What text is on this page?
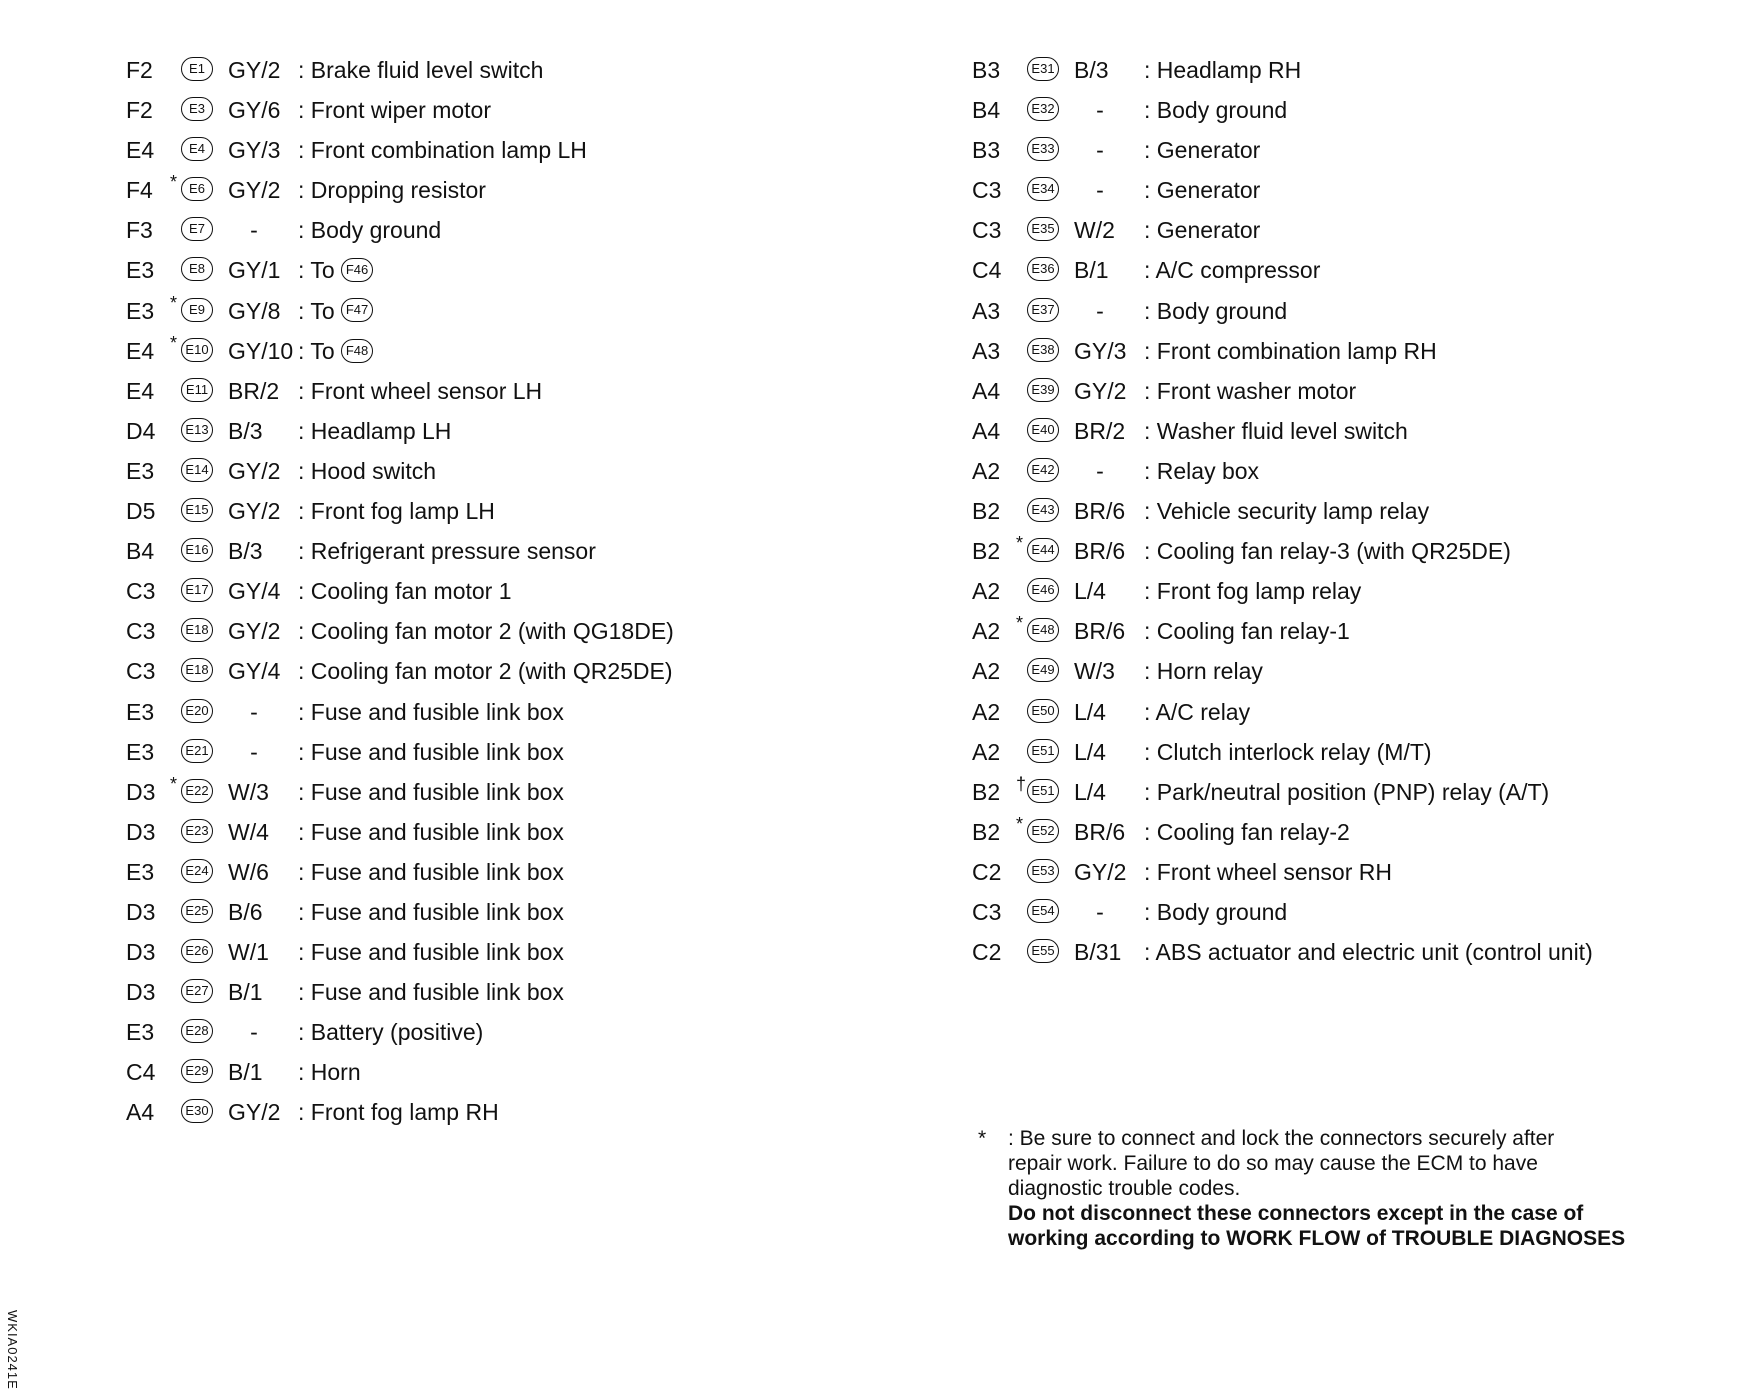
F2	E1	GY/2 : Brake fluid level switch
F2	E3	GY/6 : Front wiper motor
E4	E4	GY/3 : Front combination lamp LH
F4 * E6	GY/2 : Dropping resistor
F3	E7	-	: Body ground
E3	E8	GY/1 : To F46
E3 * E9	GY/8 : To F47
E4 * E10 GY/10 : To F48
E4	E11 BR/2 : Front wheel sensor LH
D4	E13 B/3 : Headlamp LH
E3	E14 GY/2 : Hood switch
D5	E15 GY/2 : Front fog lamp LH
B4	E16 B/3 : Refrigerant pressure sensor
C3	E17 GY/4 : Cooling fan motor 1
C3	E18 GY/2 : Cooling fan motor 2 (with QG18DE)
C3	E18 GY/4 : Cooling fan motor 2 (with QR25DE)
E3	E20	-	: Fuse and fusible link box
E3	E21	-	: Fuse and fusible link box
D3 * E22 W/3 : Fuse and fusible link box
D3	E23 W/4 : Fuse and fusible link box
E3	E24 W/6 : Fuse and fusible link box
D3	E25 B/6 : Fuse and fusible link box
D3	E26 W/1 : Fuse and fusible link box
D3	E27 B/1 : Fuse and fusible link box
E3	E28	-	: Battery (positive)
C4	E29 B/1 : Horn
A4	E30 GY/2 : Front fog lamp RH
B3	E31 B/3 : Headlamp RH
B4	E32	-	: Body ground
B3	E33	-	: Generator
C3	E34	-	: Generator
C3	E35 W/2 : Generator
C4	E36 B/1 : A/C compressor
A3	E37	-	: Body ground
A3	E38 GY/3 : Front combination lamp RH
A4	E39 GY/2 : Front washer motor
A4	E40 BR/2 : Washer fluid level switch
A2	E42	-	: Relay box
B2	E43 BR/6 : Vehicle security lamp relay
B2 * E44 BR/6 : Cooling fan relay-3 (with QR25DE)
A2	E46 L/4 : Front fog lamp relay
A2 * E48 BR/6 : Cooling fan relay-1
A2	E49 W/3 : Horn relay
A2	E50 L/4 : A/C relay
A2	E51 L/4 : Clutch interlock relay (M/T)
B2 † E51 L/4 : Park/neutral position (PNP) relay (A/T)
B2 * E52 BR/6 : Cooling fan relay-2
C2	E53 GY/2 : Front wheel sensor RH
C3	E54	-	: Body ground
C2	E55 B/31 : ABS actuator and electric unit (control unit)
* : Be sure to connect and lock the connectors securely after
repair work. Failure to do so may cause the ECM to have
diagnostic trouble codes.
Do not disconnect these connectors except in the case of
working according to WORK FLOW of TROUBLE DIAGNOSES
WKIA0241E
